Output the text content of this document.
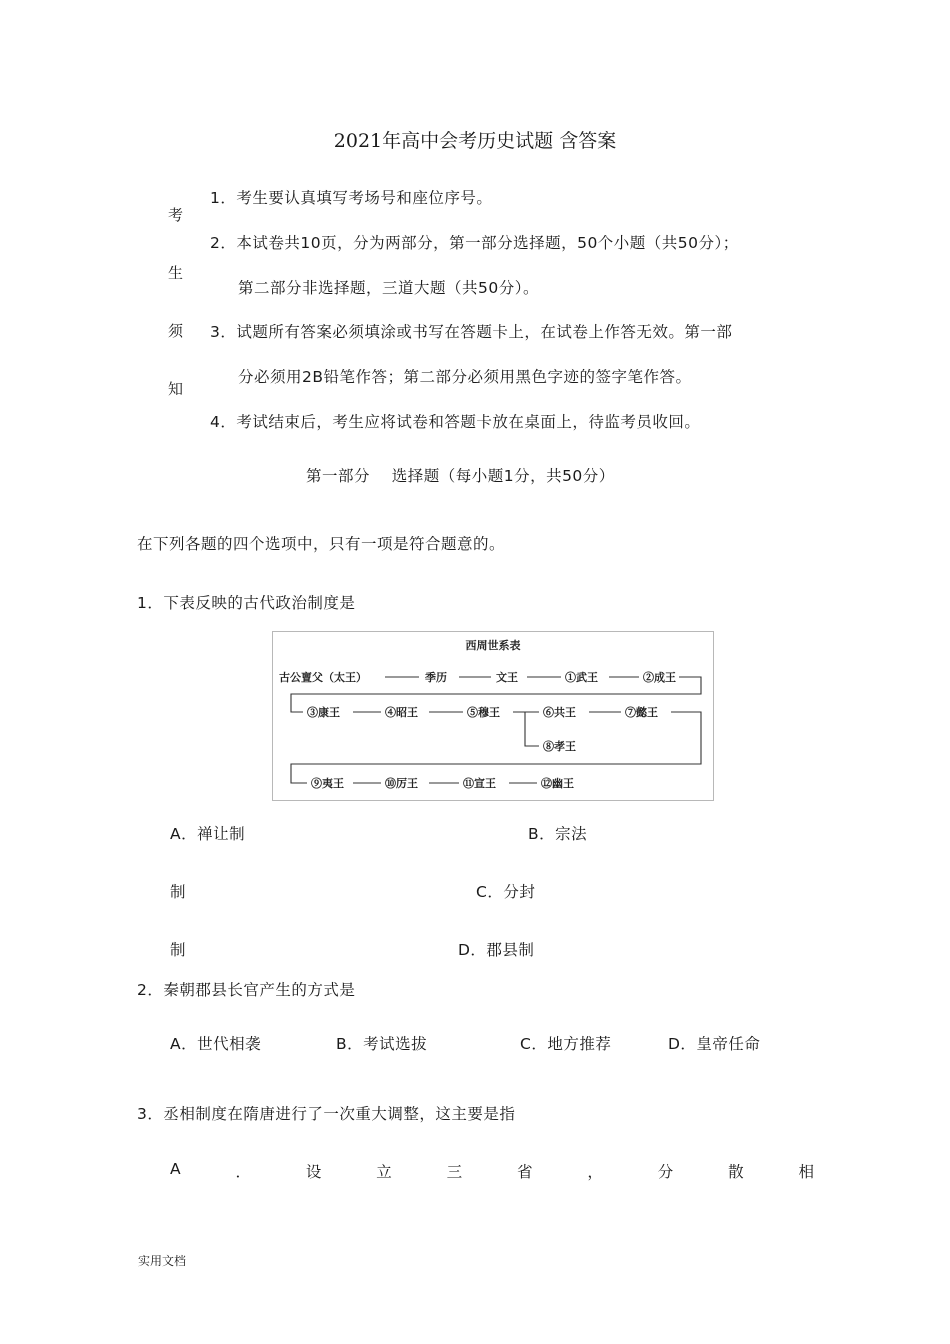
2021年高中会考历史试题 含答案
考
生
须
知
1．考生要认真填写考场号和座位序号。
2．本试卷共10页，分为两部分，第一部分选择题，50个小题（共50分）；
第二部分非选择题，三道大题（共50分）。
3．试题所有答案必须填涂或书写在答题卡上，在试卷上作答无效。第一部
分必须用2B铅笔作答；第二部分必须用黑色字迹的签字笔作答。
4．考试结束后，考生应将试卷和答题卡放在桌面上，待监考员收回。
第一部分    选择题（每小题1分，共50分）
在下列各题的四个选项中，只有一项是符合题意的。
1．下表反映的古代政治制度是
西周世系表
古公亶父（太王）	季历	文王	①武王	②成王
③康王	④昭王	⑤穆王	⑥共王	⑦懿王
⑧孝王
⑨夷王	⑩厉王	⑪宣王	⑫幽王
A．禅让制	B．宗法
制	C．分封
制	D．郡县制
2．秦朝郡县长官产生的方式是
A．世代相袭	B．考试选拔	C．地方推荐	D．皇帝任命
3．丞相制度在隋唐进行了一次重大调整，这主要是指
A	．	设	立	三	省	，	分	散	相
实用文档
